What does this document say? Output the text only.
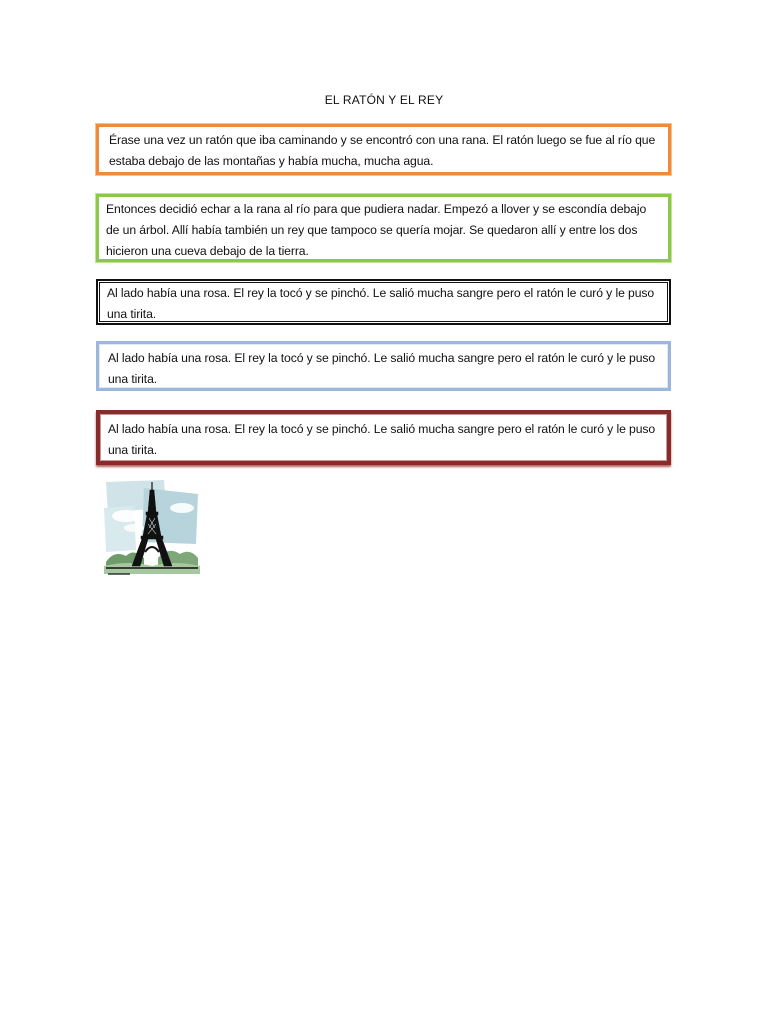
EL RATÓN Y EL REY
Érase una vez un ratón que iba caminando y se encontró con una rana. El ratón luego se fue al río que estaba debajo de las montañas y había mucha, mucha agua.
Entonces decidió echar a la rana al río para que pudiera nadar. Empezó a llover y se escondía debajo de un árbol. Allí había también un rey que tampoco se quería mojar. Se quedaron allí y entre los dos hicieron una cueva debajo de la tierra.
Al lado había una rosa. El rey la tocó y se pinchó. Le salió mucha sangre pero el ratón le curó y le puso una tirita.
Al lado había una rosa. El rey la tocó y se pinchó. Le salió mucha sangre pero el ratón le curó y le puso una tirita.
Al lado había una rosa. El rey la tocó y se pinchó. Le salió mucha sangre pero el ratón le curó y le puso una tirita.
